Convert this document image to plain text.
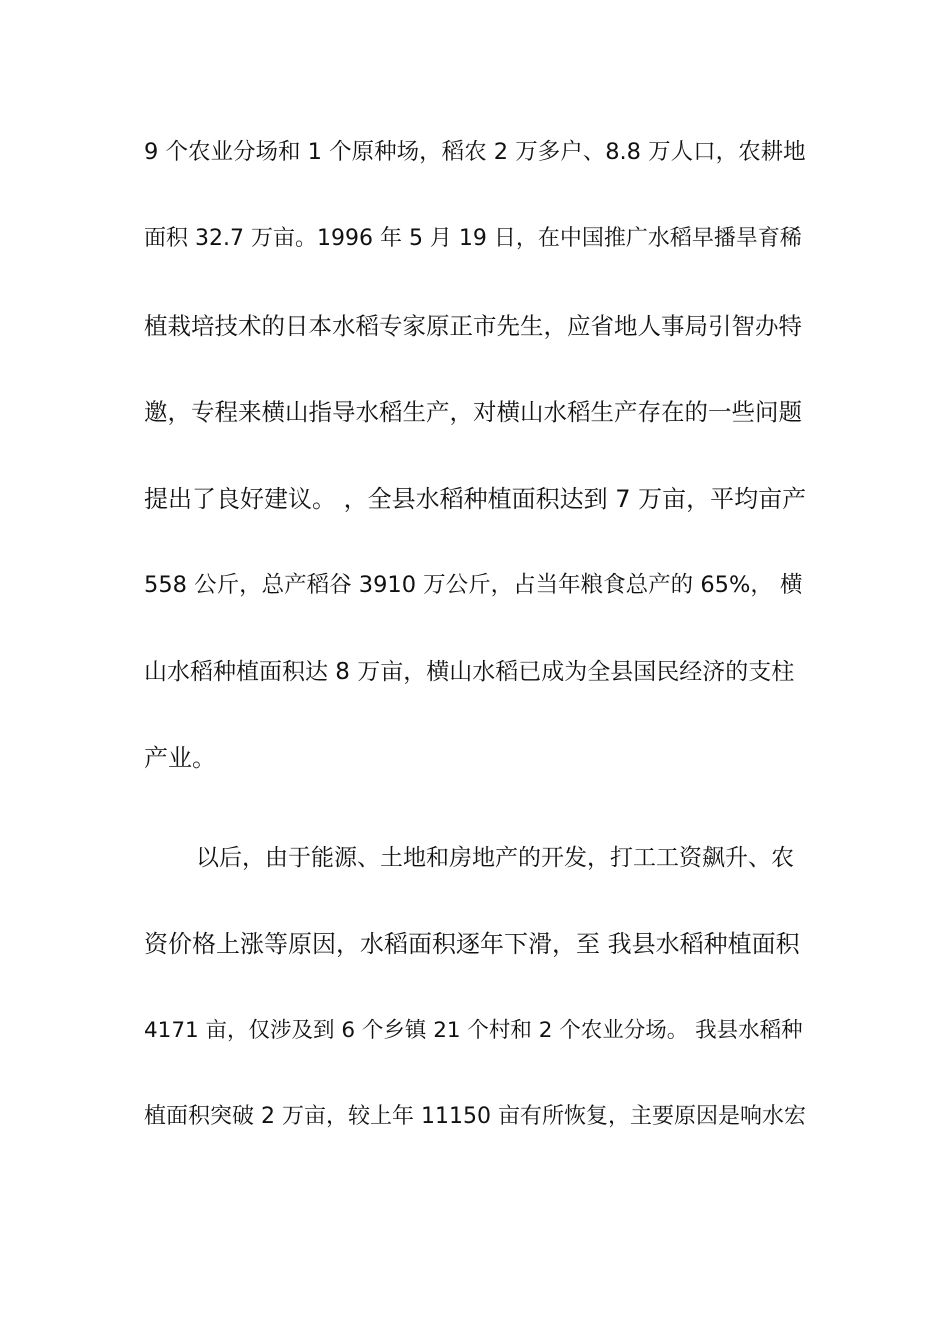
9 个农业分场和 1 个原种场，稻农 2 万多户、8.8 万人口，农耕地
面积 32.7 万亩。1996 年 5 月 19 日，在中国推广水稻早播旱育稀
植栽培技术的日本水稻专家原正市先生，应省地人事局引智办特
邀，专程来横山指导水稻生产，对横山水稻生产存在的一些问题
提出了良好建议。 ，全县水稻种植面积达到 7 万亩，平均亩产
558 公斤，总产稻谷 3910 万公斤，占当年粮食总产的 65%， 横
山水稻种植面积达 8 万亩，横山水稻已成为全县国民经济的支柱
产业。
以后，由于能源、土地和房地产的开发，打工工资飙升、农
资价格上涨等原因，水稻面积逐年下滑，至 我县水稻种植面积
4171 亩，仅涉及到 6 个乡镇 21 个村和 2 个农业分场。 我县水稻种
植面积突破 2 万亩，较上年 11150 亩有所恢复，主要原因是响水宏
